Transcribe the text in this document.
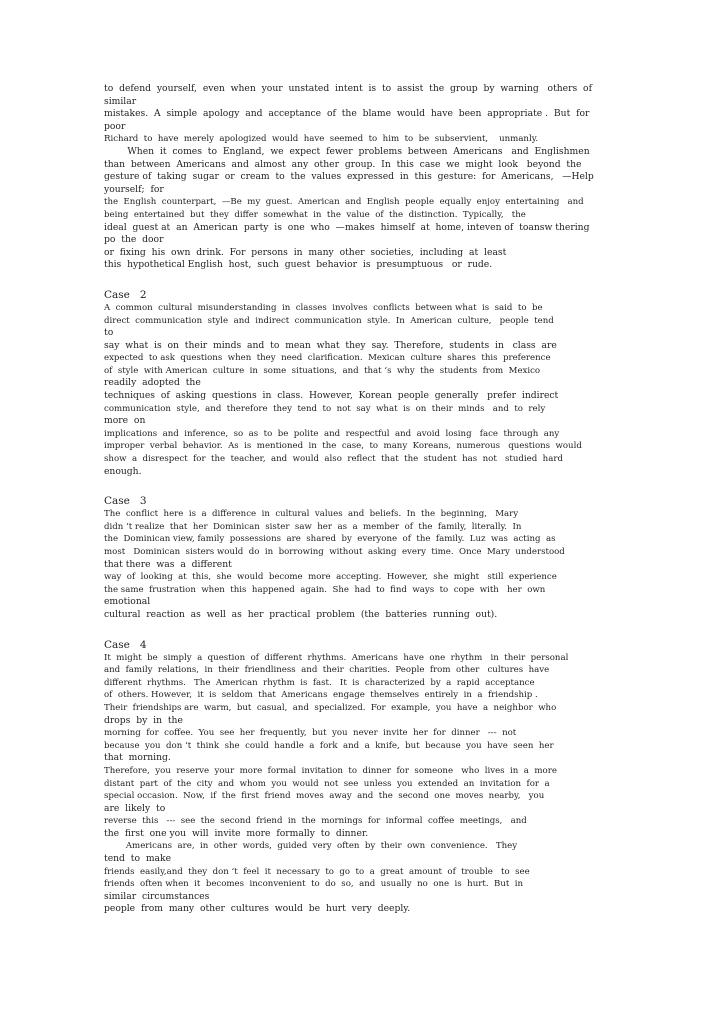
to  defend  yourself,  even  when  your  unstated  intent  is  to  assist  the  group  by  warning   others  of
similar
mistakes.  A  simple  apology  and  acceptance  of  the  blame  would  have  been  appropriate .  But  for
poor
Richard  to  have  merely  apologized  would  have  seemed  to  him  to  be  subservient,    unmanly.
When  it  comes  to  England,  we  expect  fewer  problems  between  Americans   and  Englishmen
than  between  Americans  and  almost  any  other  group.  In  this  case  we  might  look   beyond  the
gesture of  taking  sugar  or  cream  to  the  values  expressed  in  this  gesture:  for  Americans,   —Help
yourself;  for
the  English  counterpart,  —Be  my  guest.  American  and  English  people  equally  enjoy  entertaining   and
being  entertained  but  they  differ  somewhat  in  the  value  of  the  distinction.  Typically,   the
ideal  guest at  an  American  party  is  one  who  —makes  himself  at  home, inteven of  toansw thering
po  the  door
or  fixing  his  own  drink.  For  persons  in  many  other  societies,  including  at  least
this  hypothetical English  host,  such  guest  behavior  is  presumptuous   or  rude.
Case   2
A  common  cultural  misunderstanding  in  classes  involves  conflicts  between what  is  said  to  be
direct  communication  style  and  indirect  communication  style.  In  American  culture,   people  tend
to
say  what  is  on  their  minds  and  to  mean  what  they  say.  Therefore,  students  in   class  are
expected  to ask  questions  when  they  need  clarification.  Mexican  culture  shares  this  preference
of  style  with American  culture  in  some  situations,  and  that ‘s  why  the  students  from  Mexico
readily  adopted  the
techniques  of  asking  questions  in  class.  However,  Korean  people  generally   prefer  indirect
communication  style,  and  therefore  they  tend  to  not  say  what  is  on  their  minds   and  to  rely
more  on
implications  and  inference,  so  as  to  be  polite  and  respectful  and  avoid  losing   face  through  any
improper  verbal  behavior.  As  is  mentioned  in  the  case,  to  many  Koreans,  numerous   questions  would
show  a  disrespect  for  the  teacher,  and  would  also  reflect  that  the  student  has  not   studied  hard
enough.
Case   3
The  conflict  here  is  a  difference  in  cultural  values  and  beliefs.  In  the  beginning,   Mary
didn ‘t realize  that  her  Dominican  sister  saw  her  as  a  member  of  the  family,  literally.  In
the  Dominican view, family  possessions  are  shared  by  everyone  of  the  family.  Luz  was  acting  as
most   Dominican  sisters would  do  in  borrowing  without  asking  every  time.  Once  Mary  understood
that there  was  a  different
way  of  looking  at  this,  she  would  become  more  accepting.  However,  she  might   still  experience
the same  frustration  when  this  happened  again.  She  had  to  find  ways  to  cope  with   her  own
emotional
cultural  reaction  as  well  as  her  practical  problem  (the  batteries  running  out).
Case   4
It  might  be  simply  a  question  of  different  rhythms.  Americans  have  one  rhythm   in  their  personal
and  family  relations,  in  their  friendliness  and  their  charities.  People  from  other   cultures  have
different  rhythms.   The  American  rhythm  is  fast.   It  is  characterized  by  a  rapid  acceptance
of  others. However,  it  is  seldom  that  Americans  engage  themselves  entirely  in  a  friendship .
Their  friendships are  warm,  but  casual,  and  specialized.  For  example,  you  have  a  neighbor  who
drops  by  in  the
morning  for  coffee.  You  see  her  frequently,  but  you  never  invite  her  for  dinner   ---  not
because  you  don ‘t  think  she  could  handle  a  fork  and  a  knife,  but  because  you  have  seen  her
that  morning.
Therefore,  you  reserve  your  more  formal  invitation  to  dinner  for  someone   who  lives  in  a  more
distant  part  of  the  city  and  whom  you  would  not  see  unless  you  extended  an  invitation  for  a
special occasion.  Now,  if  the  first  friend  moves  away  and  the  second  one  moves  nearby,   you
are  likely  to
reverse  this   ---  see  the  second  friend  in  the  mornings  for  informal  coffee  meetings,   and
the  first  one you  will  invite  more  formally  to  dinner.
Americans  are,  in  other  words,  guided  very  often  by  their  own  convenience.   They
tend  to  make
friends  easily,and  they  don ‘t  feel  it  necessary  to  go  to  a  great  amount  of  trouble   to  see
friends  often when  it  becomes  inconvenient  to  do  so,  and  usually  no  one  is  hurt.  But  in
similar  circumstances
people  from  many  other  cultures  would  be  hurt  very  deeply.
